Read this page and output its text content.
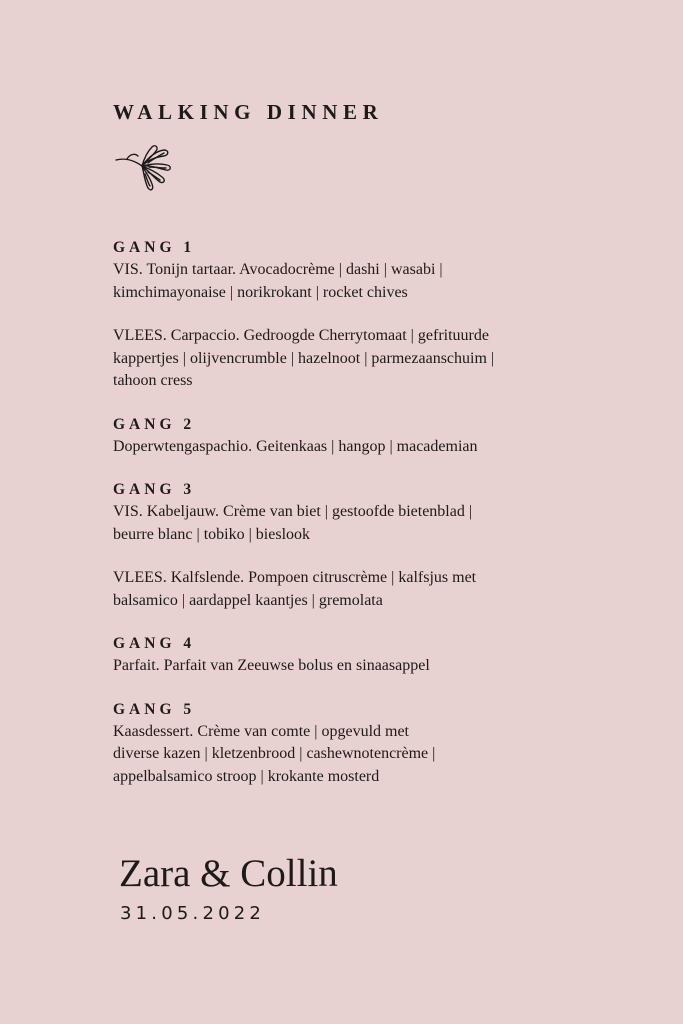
WALKING DINNER
GANG 1

VIS. Tonijn tartaar. Avocadocrème | dashi | wasabi |
kimchimayonaise | norikrokant | rocket chives

VLEES. Carpaccio. Gedroogde Cherrytomaat | gefrituurde
kappertjes | olijvencrumble | hazelnoot | parmezaanschuim |
tahoon cress

GANG 2

Doperwtengaspachio. Geitenkaas | hangop | macademian

GANG 3

VIS. Kabeljauw. Crème van biet | gestoofde bietenblad |
beurre blanc | tobiko | bieslook

VLEES. Kalfslende. Pompoen citruscrème | kalfsjus met
balsamico | aardappel kaantjes | gremolata

GANG 4

Parfait. Parfait van Zeeuwse bolus en sinaasappel

GANG 5

Kaasdessert. Crème van comte | opgevuld met
diverse kazen | kletzenbrood | cashewnotencrème |
appelbalsamico stroop | krokante mosterd

Zara & Collin
31.05.2022
